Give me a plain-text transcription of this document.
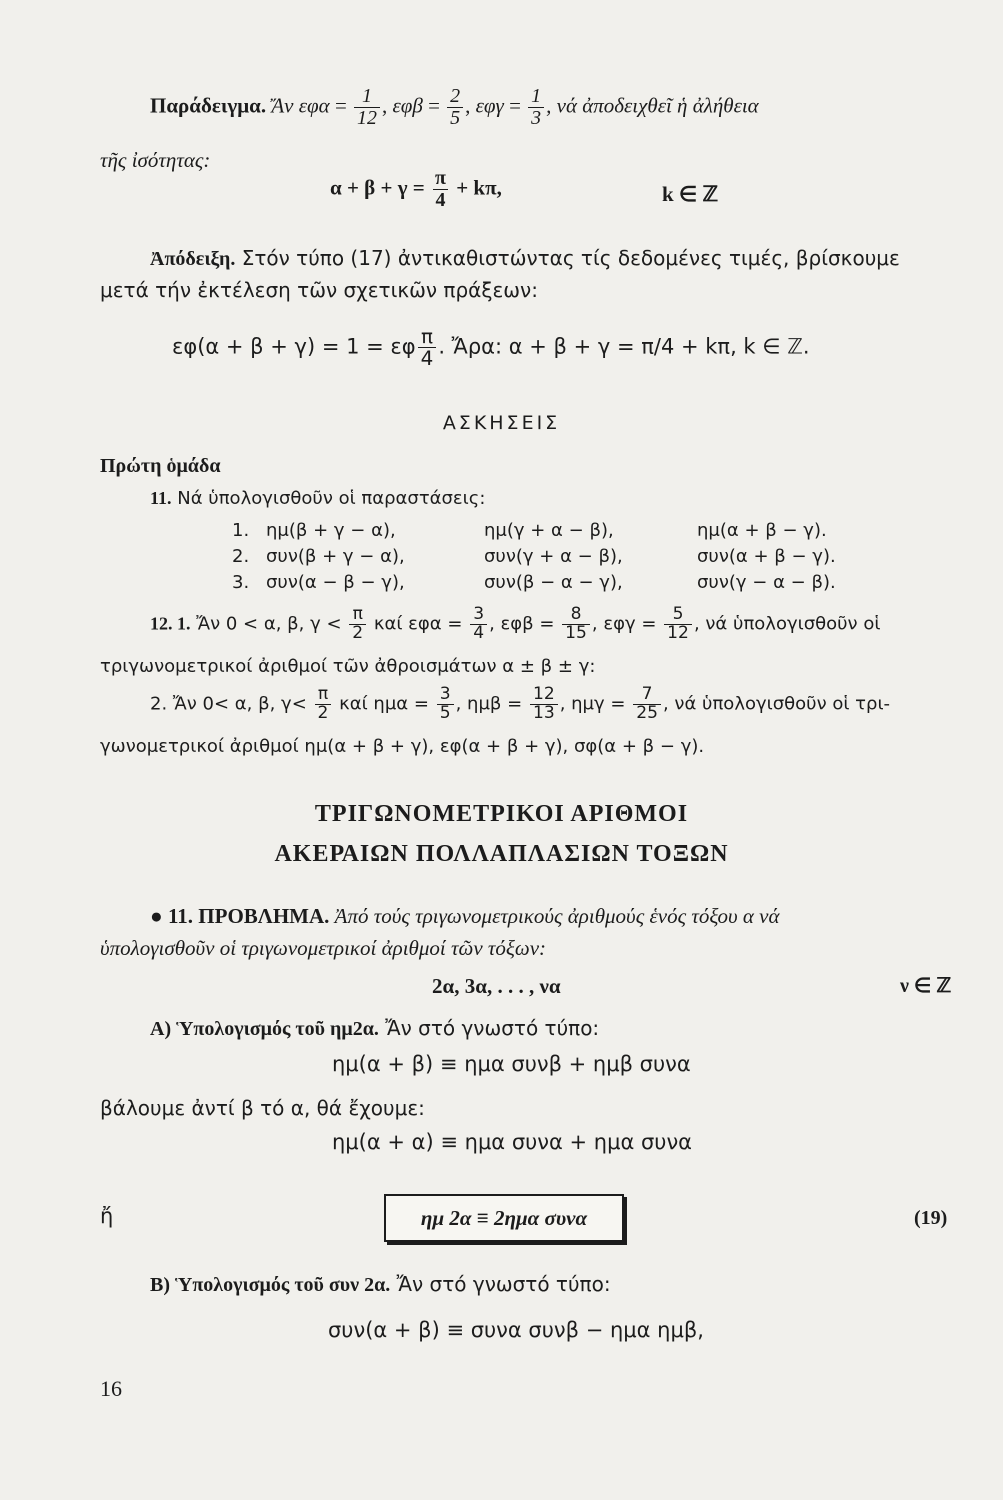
Παράδειγμα. Ἄν $\varepsilon\varphi\alpha = \frac{1}{12}$ , $\varepsilon\varphi\beta = \frac{2}{5}$ , $\varepsilon\varphi\gamma = \frac{1}{3}$ , νά ἀποδειχθεῖ ἡ ἀλήθεια
τῆς ἰσότητας:
$\alpha + \beta + \gamma = \frac{\pi}{4} + k\pi$,	k ∈ ℤ
Ἀπόδειξη. Στόν τύπο (17) ἀντικαθιστώντας τίς δεδομένες τιμές, βρίσκουμε
μετά τήν ἐκτέλεση τῶν σχετικῶν πράξεων:
εφ(α + β + γ) = 1 = εφ $\frac{\pi}{4}$ . Ἄρα: α + β + γ = π/4 + kπ, k ∈ ℤ.
ΑΣΚΗΣΕΙΣ
Πρώτη ὁμάδα
11. Νά ὑπολογισθοῦν οἱ παραστάσεις:
1. ημ(β + γ − α),	ημ(γ + α − β),	ημ(α + β − γ).
2. συν(β + γ − α),	συν(γ + α − β),	συν(α + β − γ).
3. συν(α − β − γ),	συν(β − α − γ),	συν(γ − α − β).
12. 1. Ἄν 0 < α, β, $\gamma < \frac{\pi}{2}$ καί $\varepsilon\varphi\alpha = \frac{3}{4}$ , $\varepsilon\varphi\beta = \frac{8}{15}$ , $\varepsilon\varphi\gamma = \frac{5}{12}$ , νά ὑπολογισθοῦν οἱ
τριγωνομετρικοί ἀριθμοί τῶν ἀθροισμάτων α ± β ± γ:
2. Ἄν 0< α, β, $\gamma< \frac{\pi}{2}$ καί $\eta\mu\alpha = \frac{3}{5}$ , $\eta\mu\beta = \frac{12}{13}$ , $\eta\mu\gamma = \frac{7}{25}$ , νά ὑπολογισθοῦν οἱ τρι-
γωνομετρικοί ἀριθμοί ημ(α + β + γ), εφ(α + β + γ), σφ(α + β − γ).
ΤΡΙΓΩΝΟΜΕΤΡΙΚΟΙ ΑΡΙΘΜΟΙ
ΑΚΕΡΑΙΩΝ ΠΟΛΛΑΠΛΑΣΙΩΝ ΤΟΞΩΝ
● 11. ΠΡΟΒΛΗΜΑ. Ἀπό τούς τριγωνομετρικούς ἀριθμούς ἑνός τόξου α νά
ὑπολογισθοῦν οἱ τριγωνομετρικοί ἀριθμοί τῶν τόξων:
2α, 3α, . . . , να	ν ∈ ℤ
Α) Ὑπολογισμός τοῦ ημ2α. Ἄν στό γνωστό τύπο:
ημ(α + β) ≡ ημα συνβ + ημβ συνα
βάλουμε ἀντί β τό α, θά ἔχουμε:
ημ(α + α) ≡ ημα συνα + ημα συνα
ἤ	ημ 2α ≡ 2ημα συνα	(19)
Β) Ὑπολογισμός τοῦ συν 2α. Ἄν στό γνωστό τύπο:
συν(α + β) ≡ συνα συνβ − ημα ημβ,
16
